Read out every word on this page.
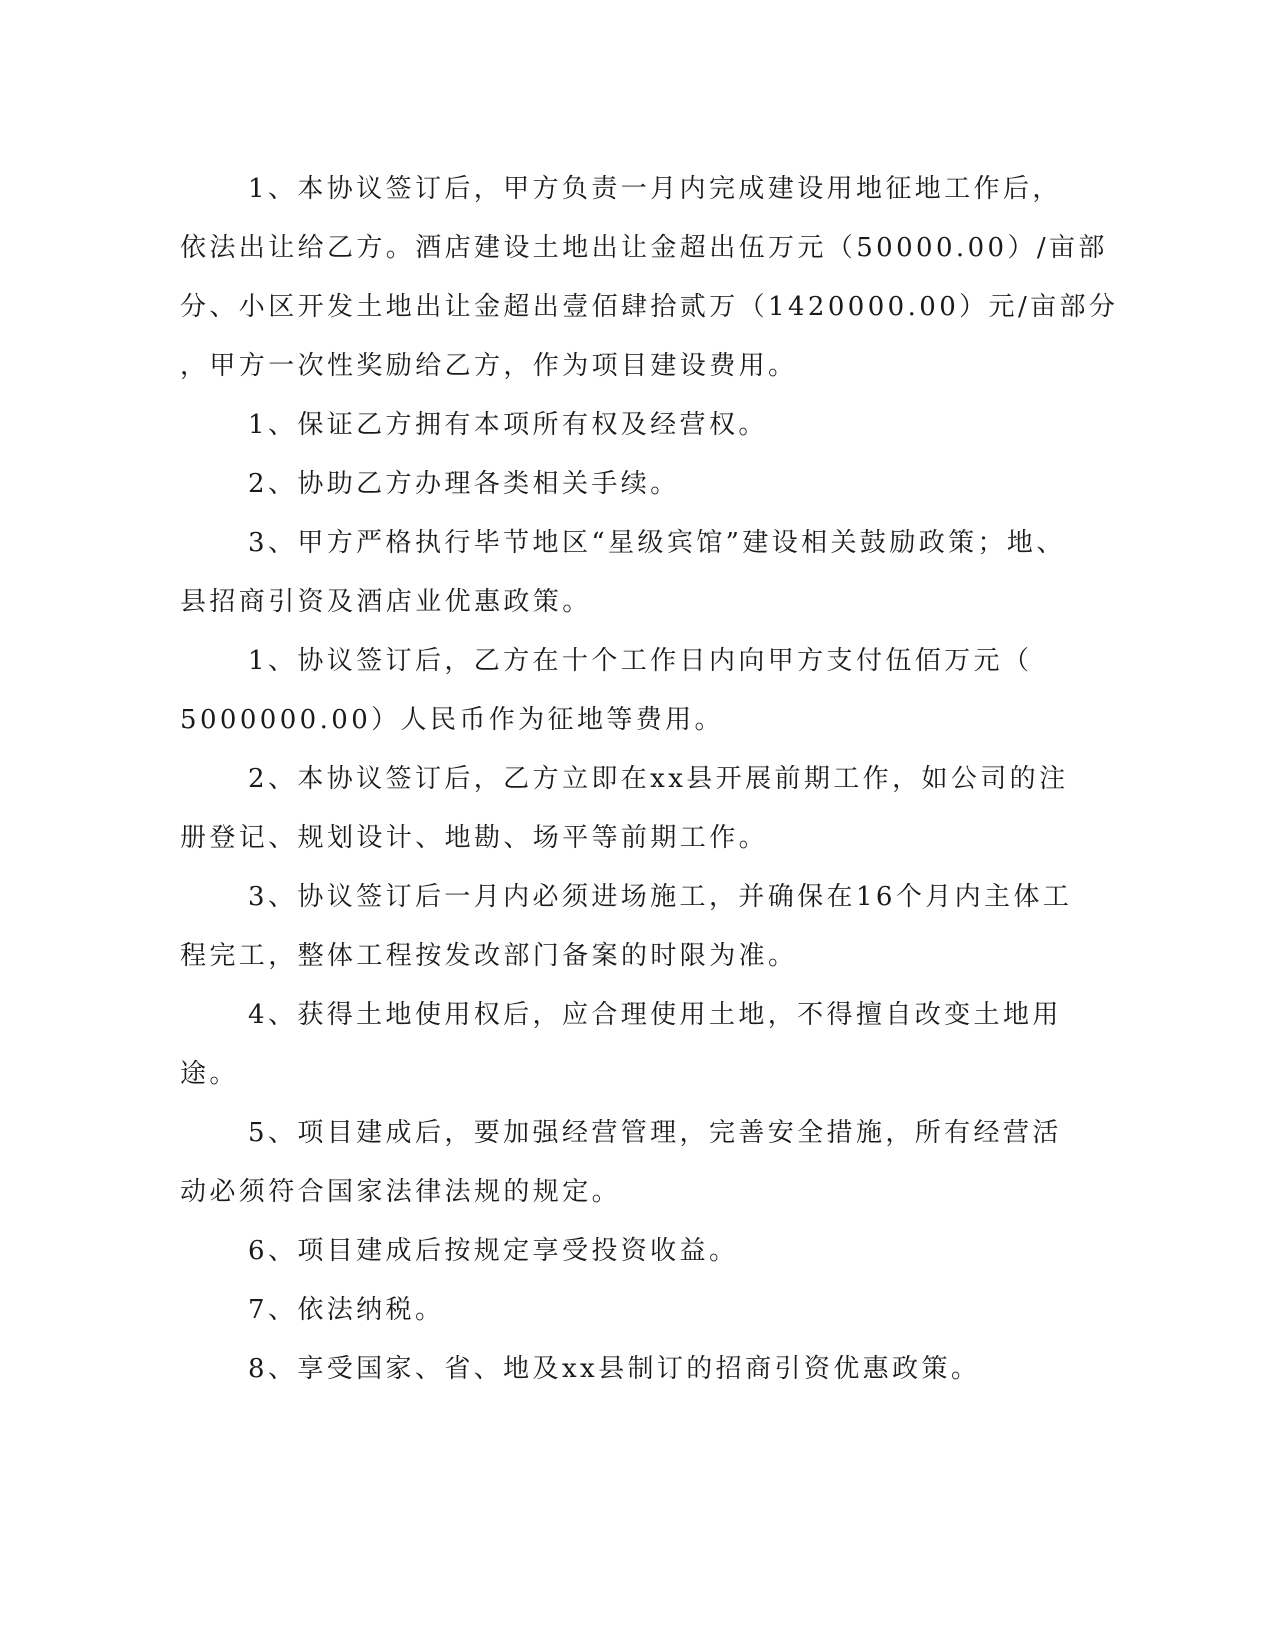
1、本协议签订后，甲方负责一月内完成建设用地征地工作后，
依法出让给乙方。酒店建设土地出让金超出伍万元（50000.00）/亩部
分、小区开发土地出让金超出壹佰肆拾贰万（1420000.00）元/亩部分
，甲方一次性奖励给乙方，作为项目建设费用。
1、保证乙方拥有本项所有权及经营权。
2、协助乙方办理各类相关手续。
3、甲方严格执行毕节地区“星级宾馆”建设相关鼓励政策；地、
县招商引资及酒店业优惠政策。
1、协议签订后，乙方在十个工作日内向甲方支付伍佰万元（
5000000.00）人民币作为征地等费用。
2、本协议签订后，乙方立即在xx县开展前期工作，如公司的注
册登记、规划设计、地勘、场平等前期工作。
3、协议签订后一月内必须进场施工，并确保在16个月内主体工
程完工，整体工程按发改部门备案的时限为准。
4、获得土地使用权后，应合理使用土地，不得擅自改变土地用
途。
5、项目建成后，要加强经营管理，完善安全措施，所有经营活
动必须符合国家法律法规的规定。
6、项目建成后按规定享受投资收益。
7、依法纳税。
8、享受国家、省、地及xx县制订的招商引资优惠政策。
